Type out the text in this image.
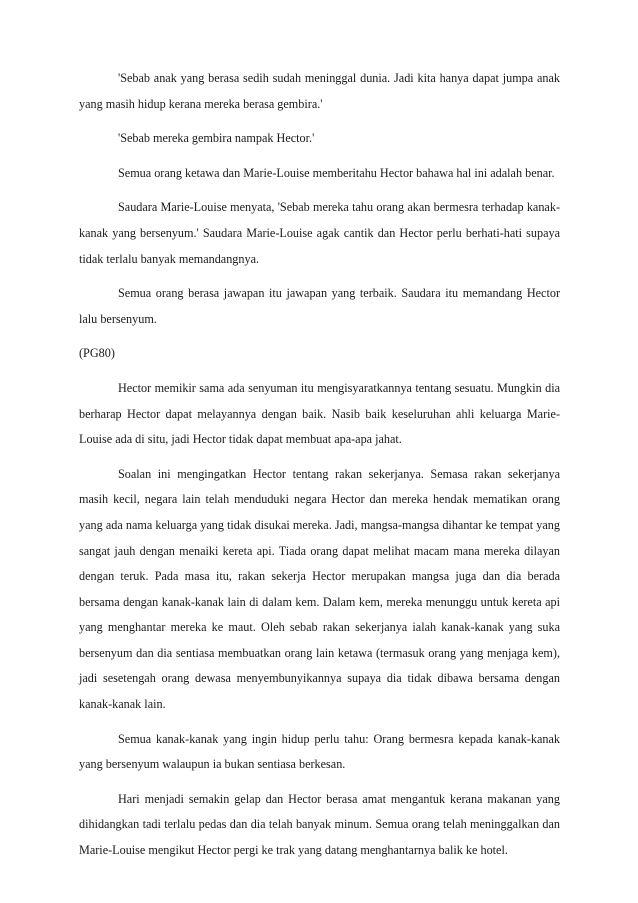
'Sebab anak yang berasa sedih sudah meninggal dunia. Jadi kita hanya dapat jumpa anak yang masih hidup kerana mereka berasa gembira.'

'Sebab mereka gembira nampak Hector.'

Semua orang ketawa dan Marie-Louise memberitahu Hector bahawa hal ini adalah benar.

Saudara Marie-Louise menyata, 'Sebab mereka tahu orang akan bermesra terhadap kanak-kanak yang bersenyum.' Saudara Marie-Louise agak cantik dan Hector perlu berhati-hati supaya tidak terlalu banyak memandangnya.

Semua orang berasa jawapan itu jawapan yang terbaik. Saudara itu memandang Hector lalu bersenyum.

(PG80)

Hector memikir sama ada senyuman itu mengisyaratkannya tentang sesuatu. Mungkin dia berharap Hector dapat melayannya dengan baik. Nasib baik keseluruhan ahli keluarga Marie-Louise ada di situ, jadi Hector tidak dapat membuat apa-apa jahat.

Soalan ini mengingatkan Hector tentang rakan sekerjanya. Semasa rakan sekerjanya masih kecil, negara lain telah menduduki negara Hector dan mereka hendak mematikan orang yang ada nama keluarga yang tidak disukai mereka. Jadi, mangsa-mangsa dihantar ke tempat yang sangat jauh dengan menaiki kereta api. Tiada orang dapat melihat macam mana mereka dilayan dengan teruk. Pada masa itu, rakan sekerja Hector merupakan mangsa juga dan dia berada bersama dengan kanak-kanak lain di dalam kem. Dalam kem, mereka menunggu untuk kereta api yang menghantar mereka ke maut. Oleh sebab rakan sekerjanya ialah kanak-kanak yang suka bersenyum dan dia sentiasa membuatkan orang lain ketawa (termasuk orang yang menjaga kem), jadi sesetengah orang dewasa menyembunyikannya supaya dia tidak dibawa bersama dengan kanak-kanak lain.

Semua kanak-kanak yang ingin hidup perlu tahu: Orang bermesra kepada kanak-kanak yang bersenyum walaupun ia bukan sentiasa berkesan.

Hari menjadi semakin gelap dan Hector berasa amat mengantuk kerana makanan yang dihidangkan tadi terlalu pedas dan dia telah banyak minum. Semua orang telah meninggalkan dan Marie-Louise mengikut Hector pergi ke trak yang datang menghantarnya balik ke hotel.
